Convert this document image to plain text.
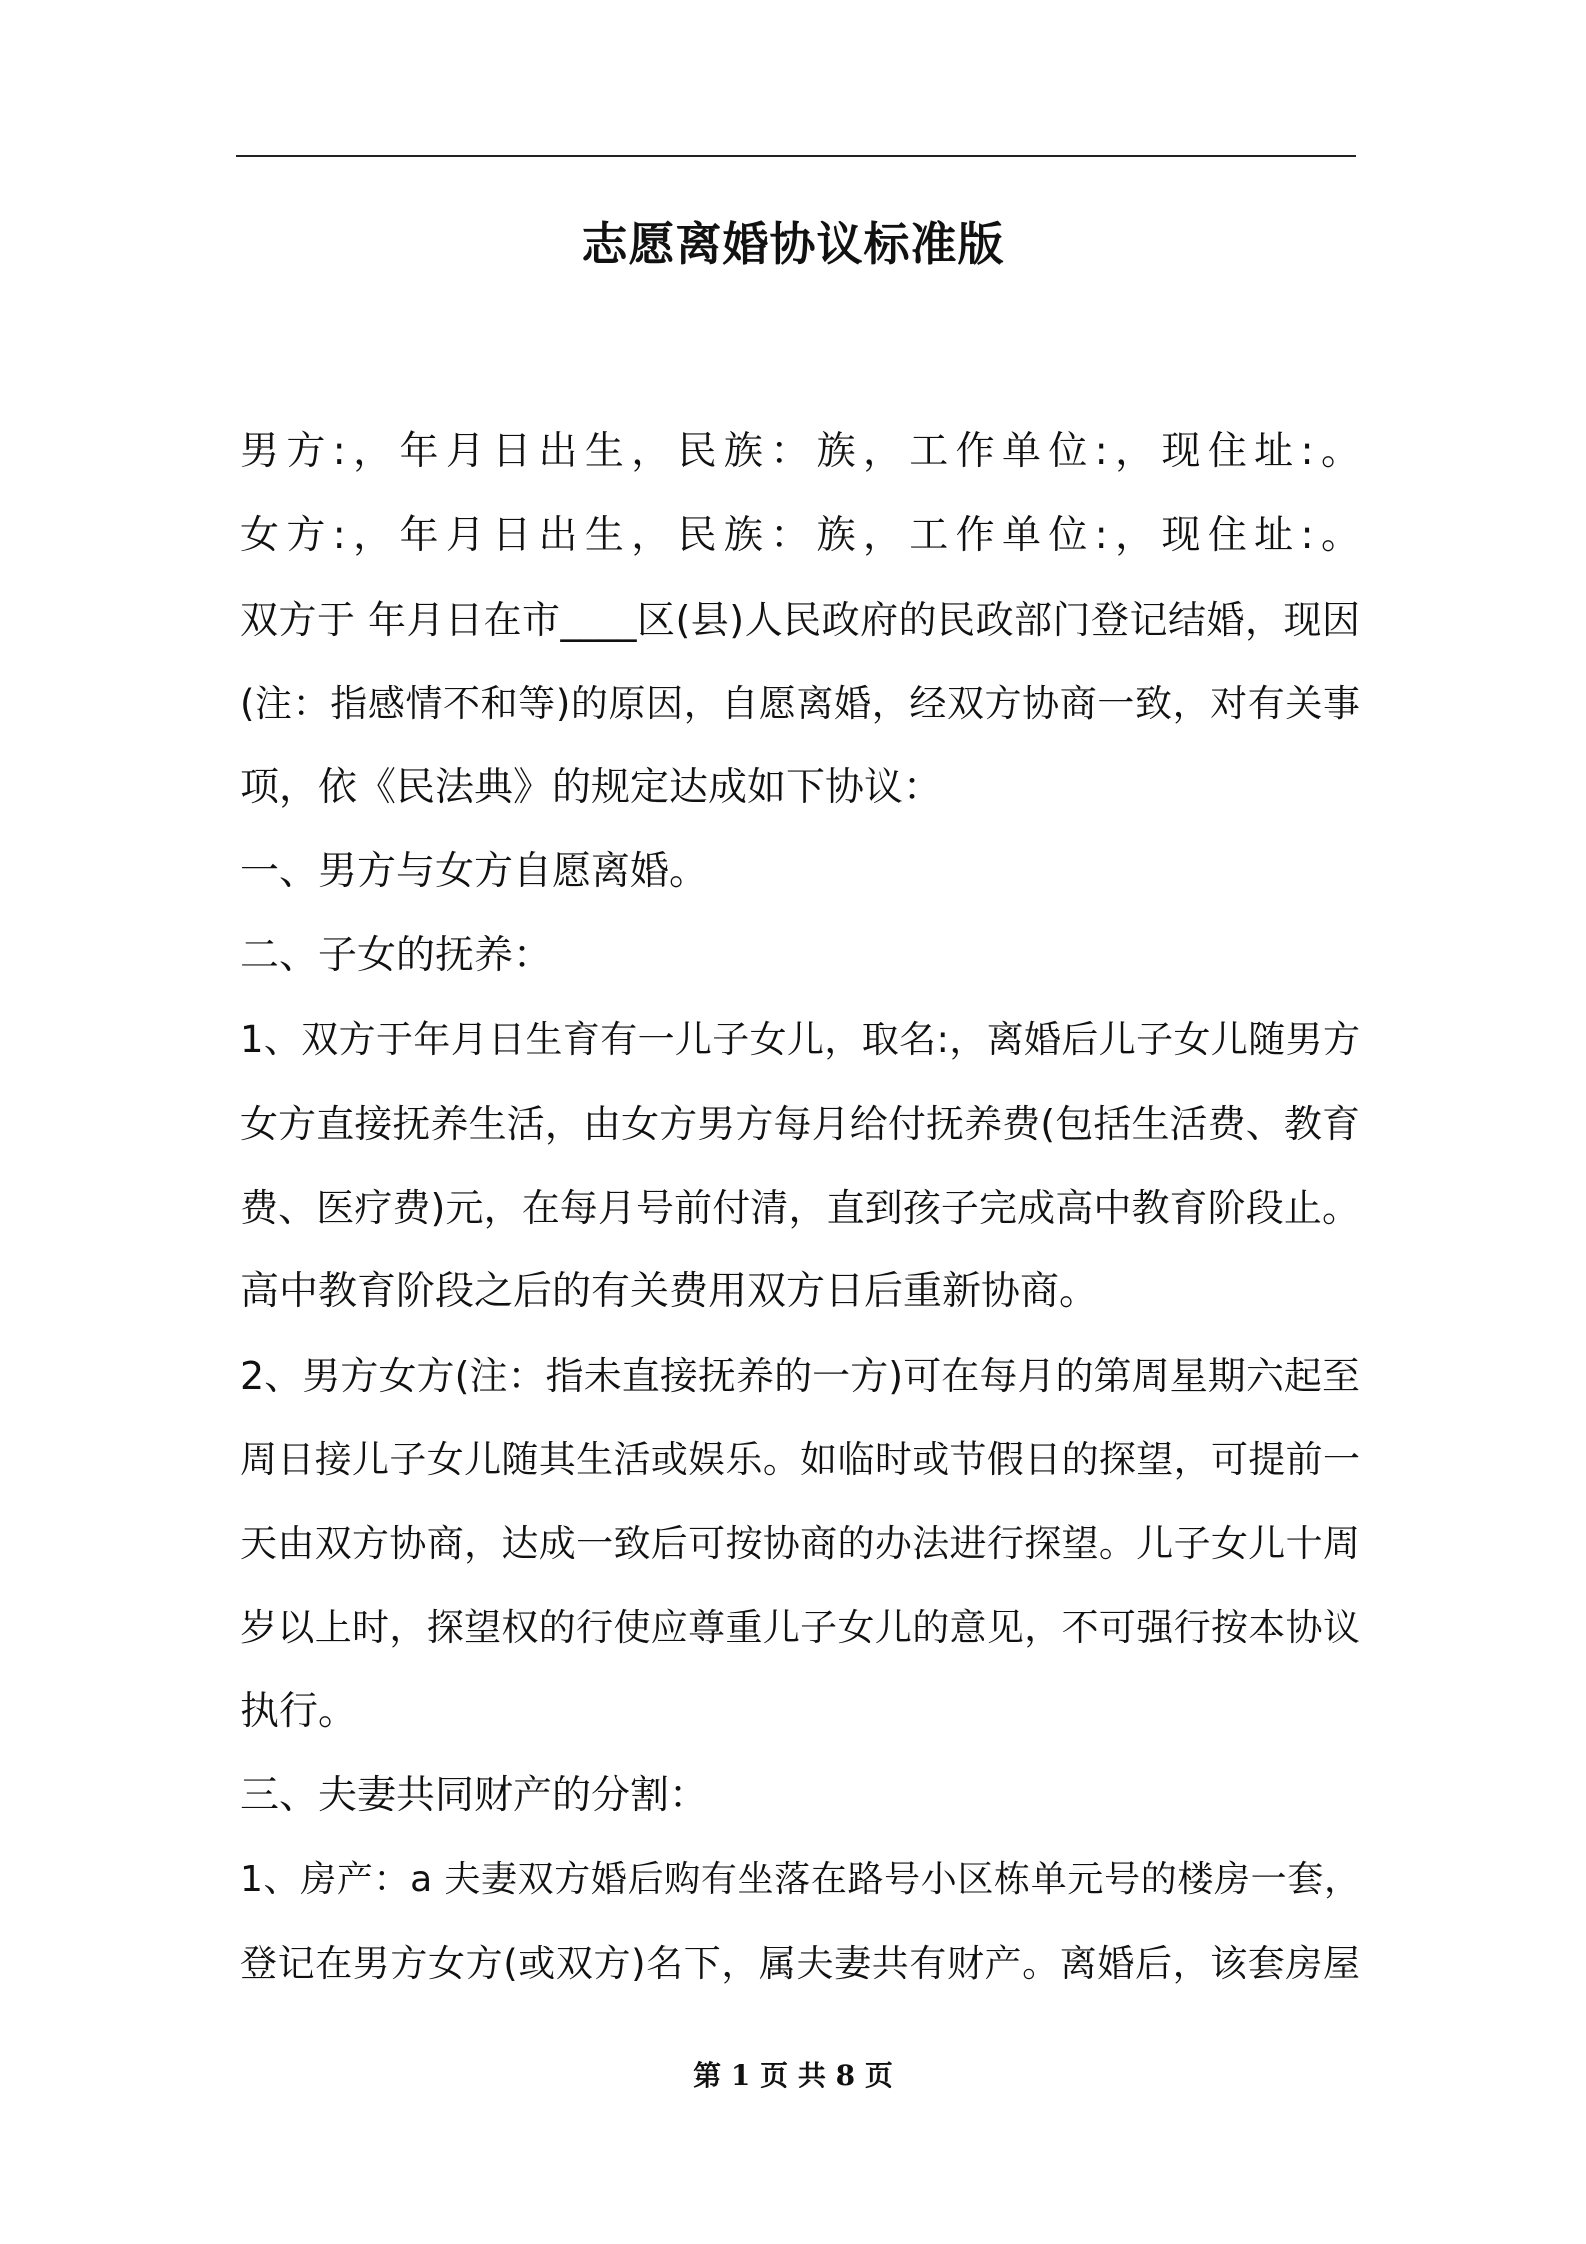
志愿离婚协议标准版
男方:，年月日出生，民族：族，工作单位:，现住址:。
女方:，年月日出生，民族：族，工作单位:，现住址:。
双方于 年月日在市____区(县)人民政府的民政部门登记结婚，现因
(注：指感情不和等)的原因，自愿离婚，经双方协商一致，对有关事
项，依《民法典》的规定达成如下协议：
一、男方与女方自愿离婚。
二、子女的抚养：
1、双方于年月日生育有一儿子女儿，取名:，离婚后儿子女儿随男方
女方直接抚养生活，由女方男方每月给付抚养费(包括生活费、教育
费、医疗费)元，在每月号前付清，直到孩子完成高中教育阶段止。
高中教育阶段之后的有关费用双方日后重新协商。
2、男方女方(注：指未直接抚养的一方)可在每月的第周星期六起至
周日接儿子女儿随其生活或娱乐。如临时或节假日的探望，可提前一
天由双方协商，达成一致后可按协商的办法进行探望。儿子女儿十周
岁以上时，探望权的行使应尊重儿子女儿的意见，不可强行按本协议
执行。
三、夫妻共同财产的分割：
1、房产：a 夫妻双方婚后购有坐落在路号小区栋单元号的楼房一套，
登记在男方女方(或双方)名下，属夫妻共有财产。离婚后，该套房屋
第 1 页 共 8 页
